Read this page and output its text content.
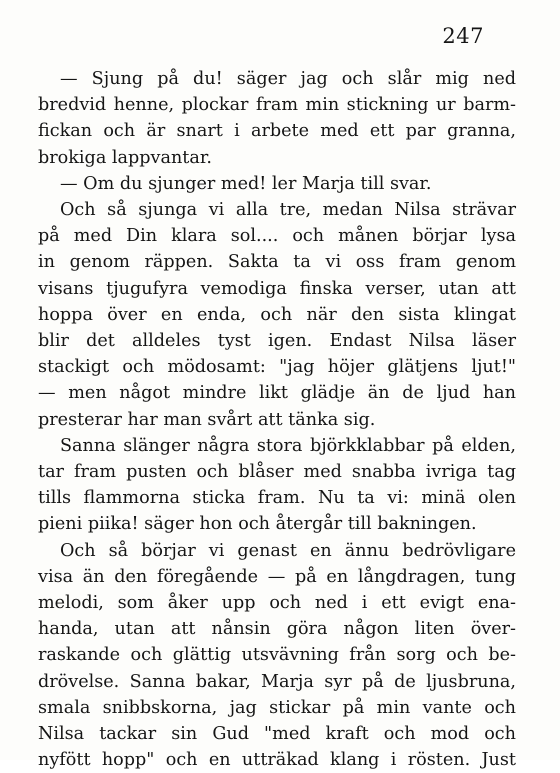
247
— Sjung på du! säger jag och slår mig ned
bredvid henne, plockar fram min stickning ur barm-
fickan och är snart i arbete med ett par granna,
brokiga lappvantar.
— Om du sjunger med! ler Marja till svar.
Och så sjunga vi alla tre, medan Nilsa strävar
på med Din klara sol.... och månen börjar lysa
in genom räppen. Sakta ta vi oss fram genom
visans tjugufyra vemodiga finska verser, utan att
hoppa över en enda, och när den sista klingat
blir det alldeles tyst igen. Endast Nilsa läser
stackigt och mödosamt: "jag höjer glätjens ljut!"
— men något mindre likt glädje än de ljud han
presterar har man svårt att tänka sig.
Sanna slänger några stora björkklabbar på elden,
tar fram pusten och blåser med snabba ivriga tag
tills flammorna sticka fram. Nu ta vi: minä olen
pieni piika! säger hon och återgår till bakningen.
Och så börjar vi genast en ännu bedrövligare
visa än den föregående — på en långdragen, tung
melodi, som åker upp och ned i ett evigt ena-
handa, utan att nånsin göra någon liten över-
raskande och glättig utsvävning från sorg och be-
drövelse. Sanna bakar, Marja syr på de ljusbruna,
smala snibbskorna, jag stickar på min vante och
Nilsa tackar sin Gud "med kraft och mod och
nyfött hopp" och en utträkad klang i rösten. Just
